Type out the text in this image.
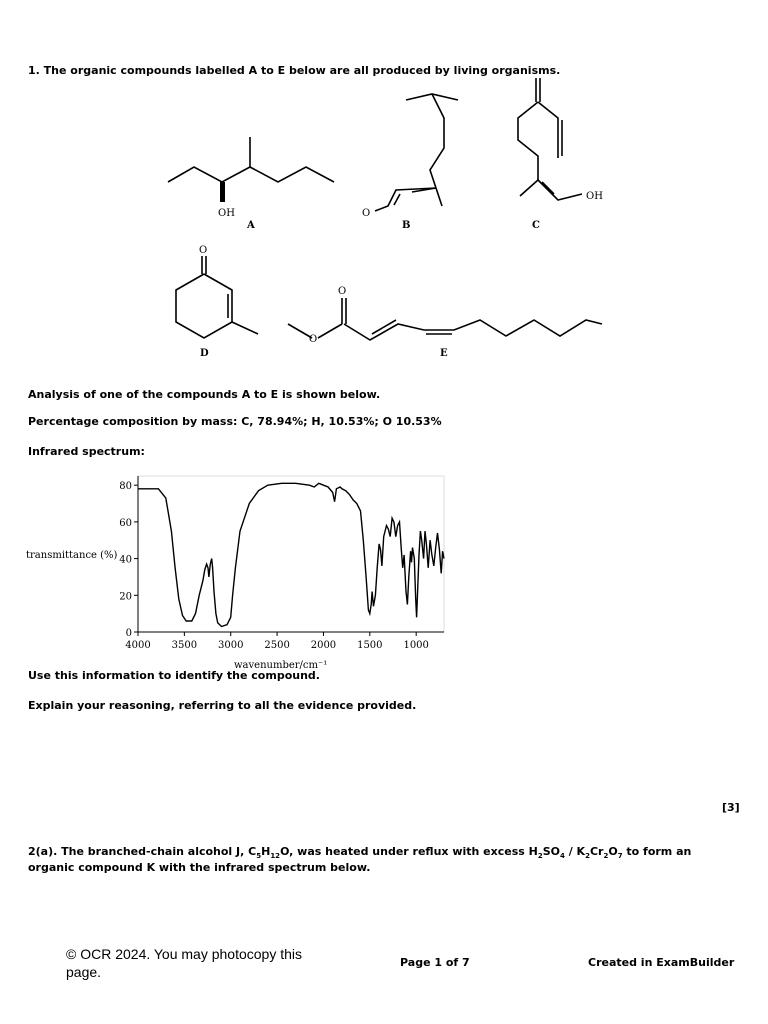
1. The organic compounds labelled A to E below are all produced by living organisms.
OH
A
O
B
OH
C
O
D
O
O
E
Analysis of one of the compounds A to E is shown below.
Percentage composition by mass: C, 78.94%; H, 10.53%; O 10.53%
Infrared spectrum:
4000 3500 3000 2500 2000 1500 1000
0
20
40
60
80
transmittance (%)
wavenumber/cm⁻¹
Use this information to identify the compound.
Explain your reasoning, referring to all the evidence provided.
[3]
2(a). The branched-chain alcohol J, $C_5H_{12}O$, was heated under reflux with excess $H_2SO_4 / K_2Cr_2O_7$ to form an
organic compound K with the infrared spectrum below.
© OCR 2024. You may photocopy this
page.
Page 1 of 7	Created in ExamBuilder
